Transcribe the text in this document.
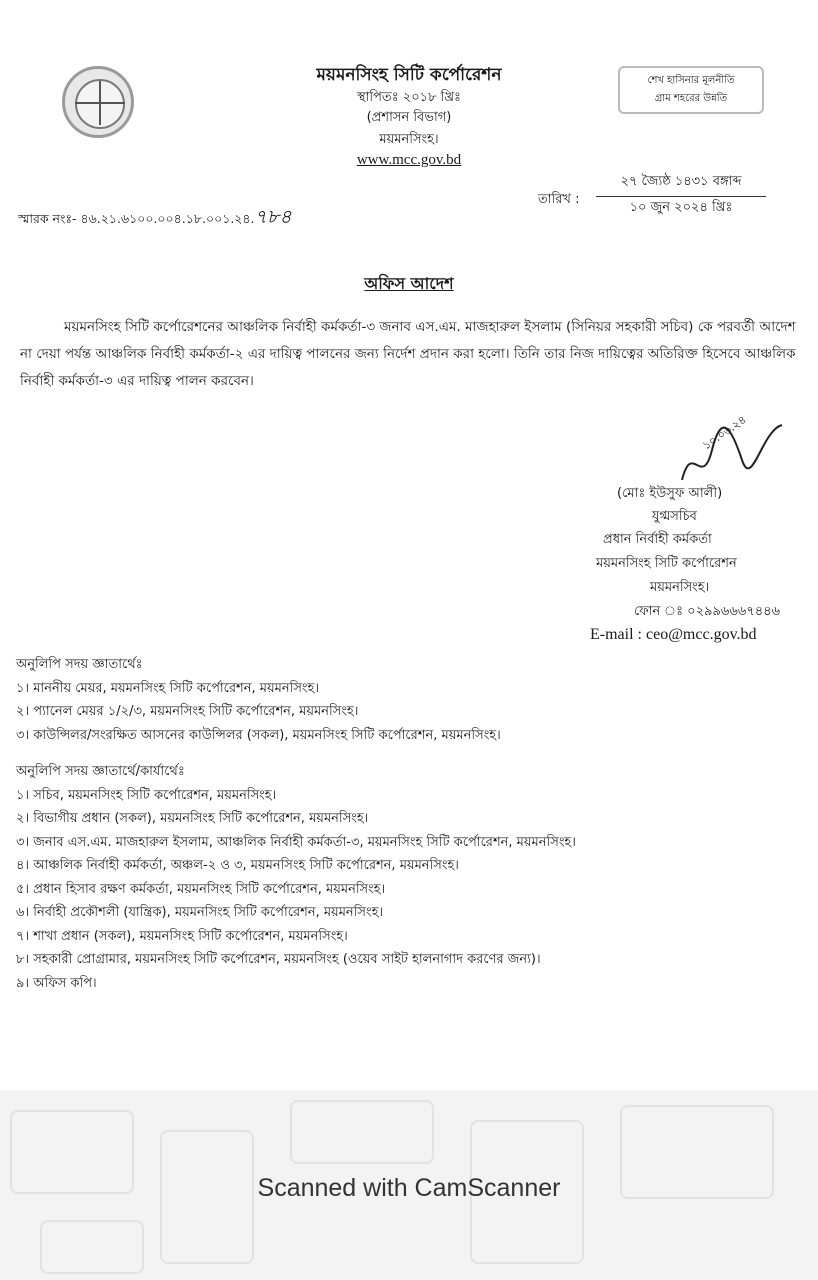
ময়মনসিংহ সিটি কর্পোরেশন
স্থাপিতঃ ২০১৮ খ্রিঃ
(প্রশাসন বিভাগ)
ময়মনসিংহ।
www.mcc.gov.bd
শেখ হাসিনার মূলনীতি
গ্রাম শহরের উন্নতি
স্মারক নংঃ- ৪৬.২১.৬১০০.০০৪.১৮.০০১.২৪.৭৮৪
তারিখ :
২৭ জ্যৈষ্ঠ ১৪৩১ বঙ্গাব্দ
১০ জুন ২০২৪ খ্রিঃ
অফিস আদেশ
ময়মনসিংহ সিটি কর্পোরেশনের আঞ্চলিক নির্বাহী কর্মকর্তা-৩ জনাব এস.এম. মাজহারুল ইসলাম (সিনিয়র সহকারী সচিব) কে পরবর্তী আদেশ না দেয়া পর্যন্ত আঞ্চলিক নির্বাহী কর্মকর্তা-২ এর দায়িত্ব পালনের জন্য নির্দেশ প্রদান করা হলো। তিনি তার নিজ দায়িত্বের অতিরিক্ত হিসেবে আঞ্চলিক নির্বাহী কর্মকর্তা-৩ এর দায়িত্ব পালন করবেন।
১০.০৬.২৪
(মোঃ ইউসুফ আলী)
যুগ্মসচিব
প্রধান নির্বাহী কর্মকর্তা
ময়মনসিংহ সিটি কর্পোরেশন
ময়মনসিংহ।
ফোন ঃ ০২৯৯৬৬৬৭৪৪৬
E-mail : ceo@mcc.gov.bd
অনুলিপি সদয় জ্ঞাতার্থেঃ
১। মাননীয় মেয়র, ময়মনসিংহ সিটি কর্পোরেশন, ময়মনসিংহ।
২। প্যানেল মেয়র ১/২/৩, ময়মনসিংহ সিটি কর্পোরেশন, ময়মনসিংহ।
৩। কাউন্সিলর/সংরক্ষিত আসনের কাউন্সিলর (সকল), ময়মনসিংহ সিটি কর্পোরেশন, ময়মনসিংহ।
অনুলিপি সদয় জ্ঞাতার্থে/কার্যার্থেঃ
১। সচিব, ময়মনসিংহ সিটি কর্পোরেশন, ময়মনসিংহ।
২। বিভাগীয় প্রধান (সকল), ময়মনসিংহ সিটি কর্পোরেশন, ময়মনসিংহ।
৩। জনাব এস.এম. মাজহারুল ইসলাম, আঞ্চলিক নির্বাহী কর্মকর্তা-৩, ময়মনসিংহ সিটি কর্পোরেশন, ময়মনসিংহ।
৪। আঞ্চলিক নির্বাহী কর্মকর্তা, অঞ্চল-২ ও ৩, ময়মনসিংহ সিটি কর্পোরেশন, ময়মনসিংহ।
৫। প্রধান হিসাব রক্ষণ কর্মকর্তা, ময়মনসিংহ সিটি কর্পোরেশন, ময়মনসিংহ।
৬। নির্বাহী প্রকৌশলী (যান্ত্রিক), ময়মনসিংহ সিটি কর্পোরেশন, ময়মনসিংহ।
৭। শাখা প্রধান (সকল), ময়মনসিংহ সিটি কর্পোরেশন, ময়মনসিংহ।
৮। সহকারী প্রোগ্রামার, ময়মনসিংহ সিটি কর্পোরেশন, ময়মনসিংহ (ওয়েব সাইট হালনাগাদ করণের জন্য)।
৯। অফিস কপি।
Scanned with CamScanner
